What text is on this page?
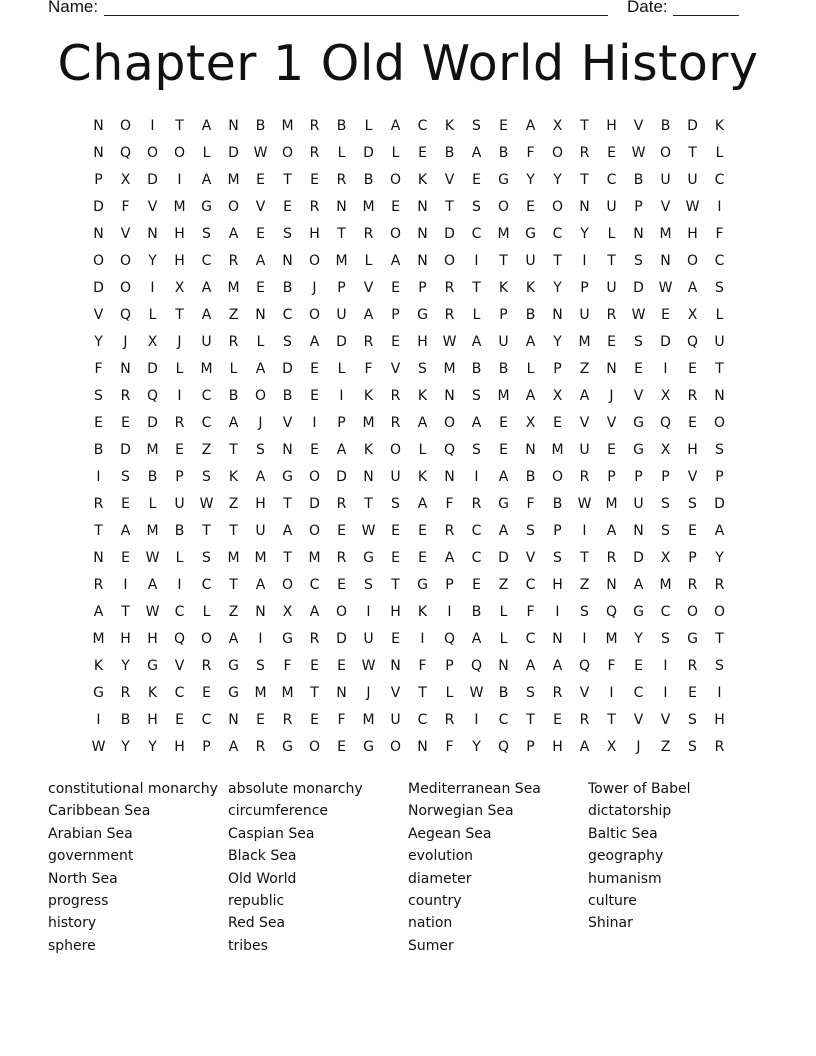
Name:	Date:
Chapter 1 Old World History
N	O	I	T	A	N	B	M	R	B	L	A	C	K	S	E	A	X	T	H	V	B	D	K
N	Q	O	O	L	D	W	O	R	L	D	L	E	B	A	B	F	O	R	E	W	O	T	L
P	X	D	I	A	M	E	T	E	R	B	O	K	V	E	G	Y	Y	T	C	B	U	U	C
D	F	V	M	G	O	V	E	R	N	M	E	N	T	S	O	E	O	N	U	P	V	W	I
N	V	N	H	S	A	E	S	H	T	R	O	N	D	C	M	G	C	Y	L	N	M	H	F
O	O	Y	H	C	R	A	N	O	M	L	A	N	O	I	T	U	T	I	T	S	N	O	C
D	O	I	X	A	M	E	B	J	P	V	E	P	R	T	K	K	Y	P	U	D	W	A	S
V	Q	L	T	A	Z	N	C	O	U	A	P	G	R	L	P	B	N	U	R	W	E	X	L
Y	J	X	J	U	R	L	S	A	D	R	E	H	W	A	U	A	Y	M	E	S	D	Q	U
F	N	D	L	M	L	A	D	E	L	F	V	S	M	B	B	L	P	Z	N	E	I	E	T
S	R	Q	I	C	B	O	B	E	I	K	R	K	N	S	M	A	X	A	J	V	X	R	N
E	E	D	R	C	A	J	V	I	P	M	R	A	O	A	E	X	E	V	V	G	Q	E	O
B	D	M	E	Z	T	S	N	E	A	K	O	L	Q	S	E	N	M	U	E	G	X	H	S
I	S	B	P	S	K	A	G	O	D	N	U	K	N	I	A	B	O	R	P	P	P	V	P
R	E	L	U	W	Z	H	T	D	R	T	S	A	F	R	G	F	B	W	M	U	S	S	D
T	A	M	B	T	T	U	A	O	E	W	E	E	R	C	A	S	P	I	A	N	S	E	A
N	E	W	L	S	M	M	T	M	R	G	E	E	A	C	D	V	S	T	R	D	X	P	Y
R	I	A	I	C	T	A	O	C	E	S	T	G	P	E	Z	C	H	Z	N	A	M	R	R
A	T	W	C	L	Z	N	X	A	O	I	H	K	I	B	L	F	I	S	Q	G	C	O	O
M	H	H	Q	O	A	I	G	R	D	U	E	I	Q	A	L	C	N	I	M	Y	S	G	T
K	Y	G	V	R	G	S	F	E	E	W	N	F	P	Q	N	A	A	Q	F	E	I	R	S
G	R	K	C	E	G	M	M	T	N	J	V	T	L	W	B	S	R	V	I	C	I	E	I
I	B	H	E	C	N	E	R	E	F	M	U	C	R	I	C	T	E	R	T	V	V	S	H
W	Y	Y	H	P	A	R	G	O	E	G	O	N	F	Y	Q	P	H	A	X	J	Z	S	R
constitutional monarchy
Caribbean Sea
Arabian Sea
government
North Sea
progress
history
sphere
absolute monarchy
circumference
Caspian Sea
Black Sea
Old World
republic
Red Sea
tribes
Mediterranean Sea
Norwegian Sea
Aegean Sea
evolution
diameter
country
nation
Sumer
Tower of Babel
dictatorship
Baltic Sea
geography
humanism
culture
Shinar
